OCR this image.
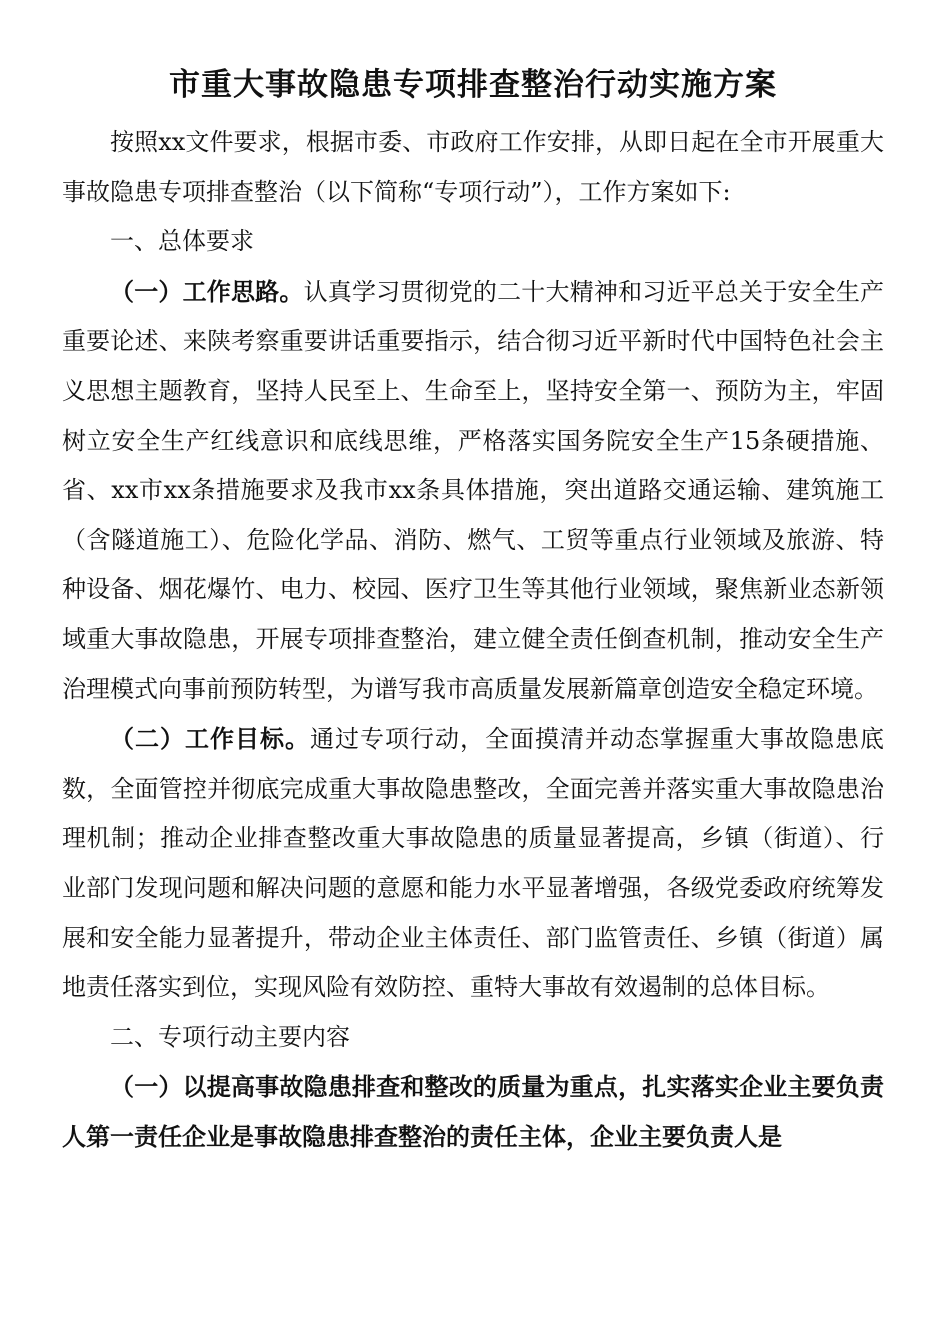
市重大事故隐患专项排查整治行动实施方案

按照xx文件要求，根据市委、市政府工作安排，从即日起在全市开展重大事故隐患专项排查整治（以下简称“专项行动”），工作方案如下:

一、总体要求

（一）工作思路。认真学习贯彻党的二十大精神和习近平总关于安全生产重要论述、来陕考察重要讲话重要指示，结合彻习近平新时代中国特色社会主义思想主题教育，坚持人民至上、生命至上，坚持安全第一、预防为主，牢固树立安全生产红线意识和底线思维，严格落实国务院安全生产15条硬措施、省、xx市xx条措施要求及我市xx条具体措施，突出道路交通运输、建筑施工（含隧道施工）、危险化学品、消防、燃气、工贸等重点行业领域及旅游、特种设备、烟花爆竹、电力、校园、医疗卫生等其他行业领域，聚焦新业态新领域重大事故隐患，开展专项排查整治，建立健全责任倒查机制，推动安全生产治理模式向事前预防转型，为谱写我市高质量发展新篇章创造安全稳定环境。

（二）工作目标。通过专项行动，全面摸清并动态掌握重大事故隐患底数，全面管控并彻底完成重大事故隐患整改，全面完善并落实重大事故隐患治理机制；推动企业排查整改重大事故隐患的质量显著提高，乡镇（街道）、行业部门发现问题和解决问题的意愿和能力水平显著增强，各级党委政府统筹发展和安全能力显著提升，带动企业主体责任、部门监管责任、乡镇（街道）属地责任落实到位，实现风险有效防控、重特大事故有效遏制的总体目标。

二、专项行动主要内容

（一）以提高事故隐患排查和整改的质量为重点，扎实落实企业主要负责人第一责任企业是事故隐患排查整治的责任主体，企业主要负责人是
